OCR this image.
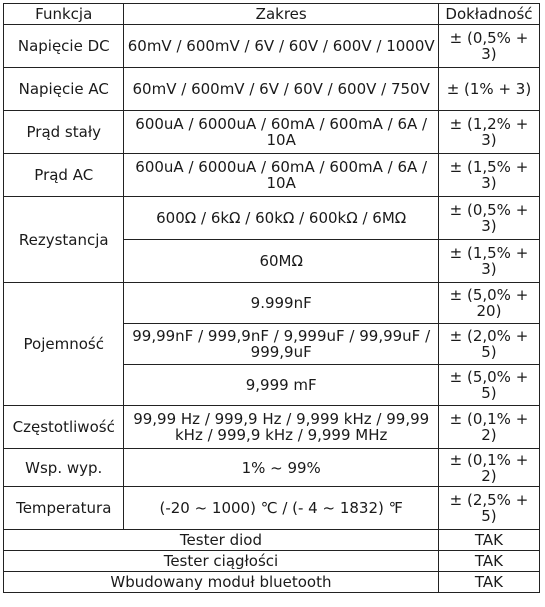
Funkcja	Zakres	Dokładność
Napięcie DC	60mV / 600mV / 6V / 60V / 600V / 1000V	± (0,5% + 3)
Napięcie AC	60mV / 600mV / 6V / 60V / 600V / 750V	± (1% + 3)
Prąd stały	600uA / 6000uA / 60mA / 600mA / 6A / 10A	± (1,2% + 3)
Prąd AC	600uA / 6000uA / 60mA / 600mA / 6A / 10A	± (1,5% + 3)
Rezystancja	600Ω / 6kΩ / 60kΩ / 600kΩ / 6MΩ	± (0,5% + 3)
	60MΩ	± (1,5% + 3)
Pojemność	9.999nF	± (5,0% + 20)
	99,99nF / 999,9nF / 9,999uF / 99,99uF / 999,9uF	± (2,0% + 5)
	9,999 mF	± (5,0% + 5)
Częstotliwość	99,99 Hz / 999,9 Hz / 9,999 kHz / 99,99 kHz / 999,9 kHz / 9,999 MHz	± (0,1% + 2)
Wsp. wyp.	1% ~ 99%	± (0,1% + 2)
Temperatura	(-20 ~ 1000) ℃ / (- 4 ~ 1832) ℉	± (2,5% + 5)
Tester diod		TAK
Tester ciągłości		TAK
Wbudowany moduł bluetooth		TAK
